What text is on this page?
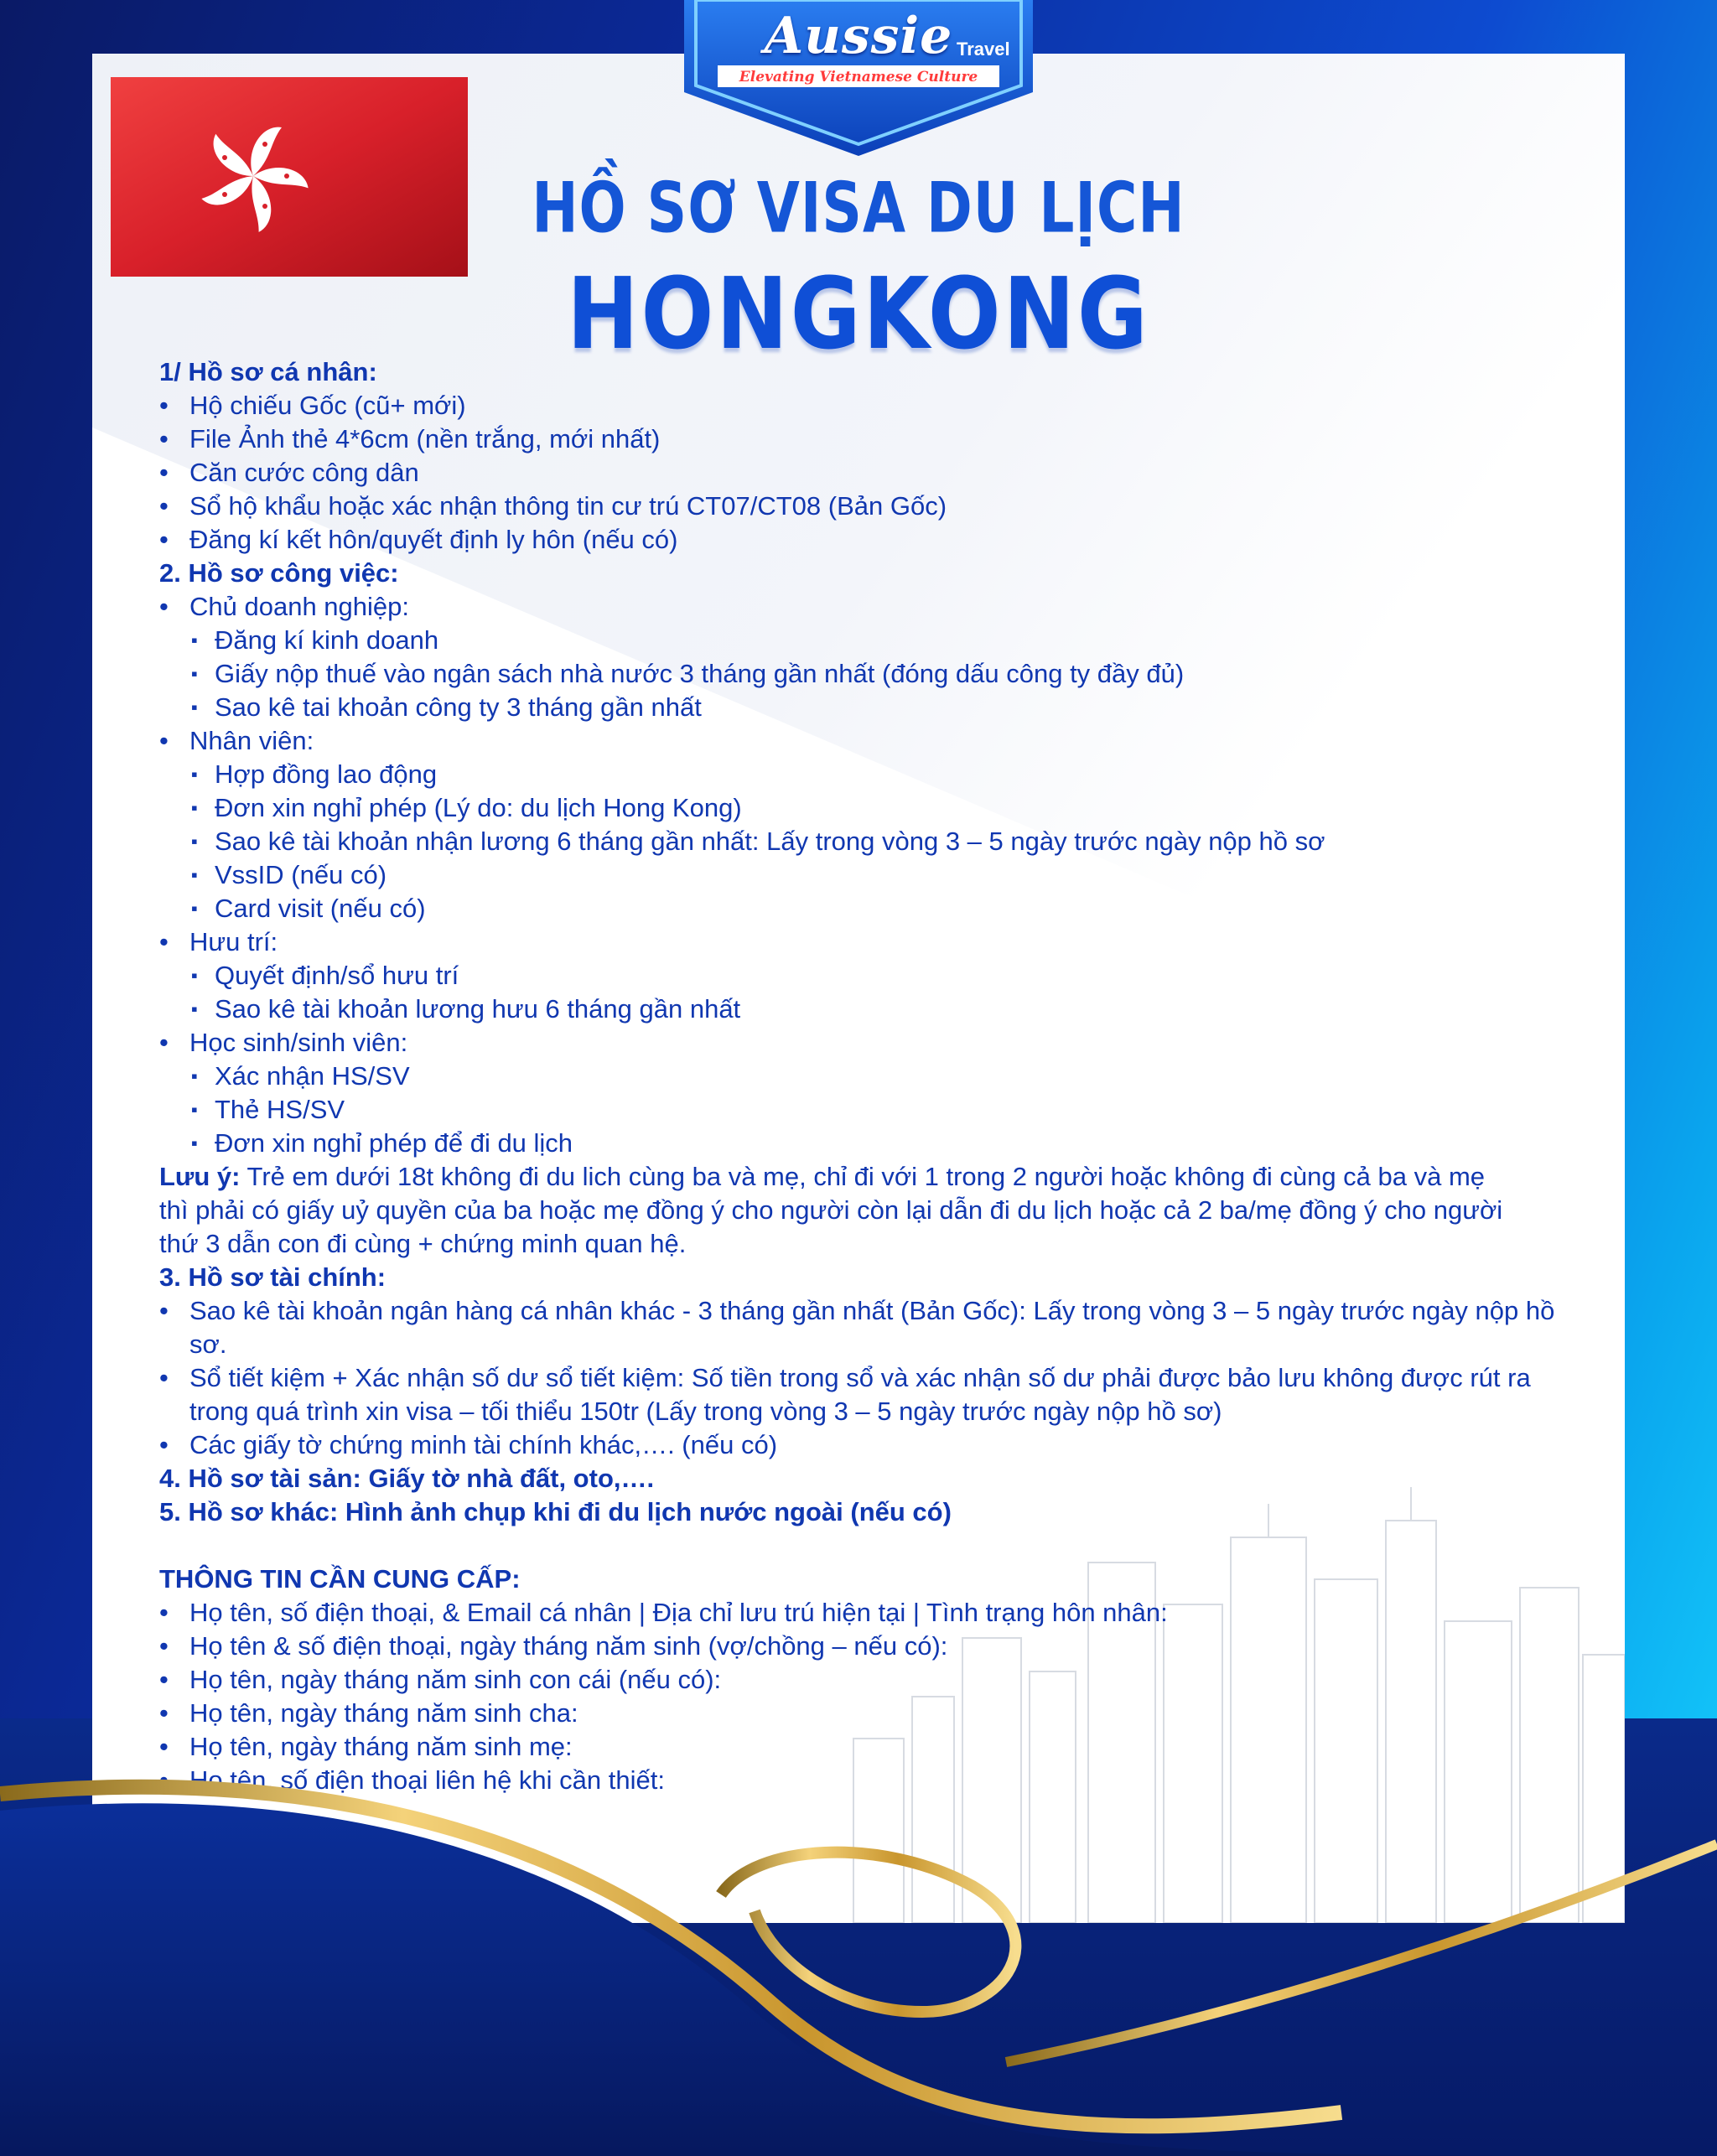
Aussie Travel
Elevating Vietnamese Culture
HỒ SƠ VISA DU LỊCH
HONGKONG
1/ Hồ sơ cá nhân:
• Hộ chiếu Gốc (cũ+ mới)
• File Ảnh thẻ 4*6cm (nền trắng, mới nhất)
• Căn cước công dân
• Sổ hộ khẩu hoặc xác nhận thông tin cư trú CT07/CT08 (Bản Gốc)
• Đăng kí kết hôn/quyết định ly hôn (nếu có)
2. Hồ sơ công việc:
• Chủ doanh nghiệp:
▪ Đăng kí kinh doanh
▪ Giấy nộp thuế vào ngân sách nhà nước 3 tháng gần nhất (đóng dấu công ty đầy đủ)
▪ Sao kê tai khoản công ty 3 tháng gần nhất
• Nhân viên:
▪ Hợp đồng lao động
▪ Đơn xin nghỉ phép (Lý do: du lịch Hong Kong)
▪ Sao kê tài khoản nhận lương 6 tháng gần nhất: Lấy trong vòng 3 – 5 ngày trước ngày nộp hồ sơ
▪ VssID (nếu có)
▪ Card visit (nếu có)
• Hưu trí:
▪ Quyết định/sổ hưu trí
▪ Sao kê tài khoản lương hưu 6 tháng gần nhất
• Học sinh/sinh viên:
▪ Xác nhận HS/SV
▪ Thẻ HS/SV
▪ Đơn xin nghỉ phép để đi du lịch
Lưu ý: Trẻ em dưới 18t không đi du lich cùng ba và mẹ, chỉ đi với 1 trong 2 người hoặc không đi cùng cả ba và mẹ
thì phải có giấy uỷ quyền của ba hoặc mẹ đồng ý cho người còn lại dẫn đi du lịch hoặc cả 2 ba/mẹ đồng ý cho người
thứ 3 dẫn con đi cùng + chứng minh quan hệ.
3. Hồ sơ tài chính:
• Sao kê tài khoản ngân hàng cá nhân khác - 3 tháng gần nhất (Bản Gốc): Lấy trong vòng 3 – 5 ngày trước ngày nộp hồ sơ.
• Sổ tiết kiệm + Xác nhận số dư sổ tiết kiệm: Số tiền trong sổ và xác nhận số dư phải được bảo lưu không được rút ra trong quá trình xin visa – tối thiểu 150tr (Lấy trong vòng 3 – 5 ngày trước ngày nộp hồ sơ)
• Các giấy tờ chứng minh tài chính khác,…. (nếu có)
4. Hồ sơ tài sản: Giấy tờ nhà đất, oto,….
5. Hồ sơ khác: Hình ảnh chụp khi đi du lịch nước ngoài (nếu có)
THÔNG TIN CẦN CUNG CẤP:
• Họ tên, số điện thoại, & Email cá nhân | Địa chỉ lưu trú hiện tại | Tình trạng hôn nhân:
• Họ tên & số điện thoại, ngày tháng năm sinh (vợ/chồng – nếu có):
• Họ tên, ngày tháng năm sinh con cái (nếu có):
• Họ tên, ngày tháng năm sinh cha:
• Họ tên, ngày tháng năm sinh mẹ:
• Họ tên, số điện thoại liên hệ khi cần thiết:
